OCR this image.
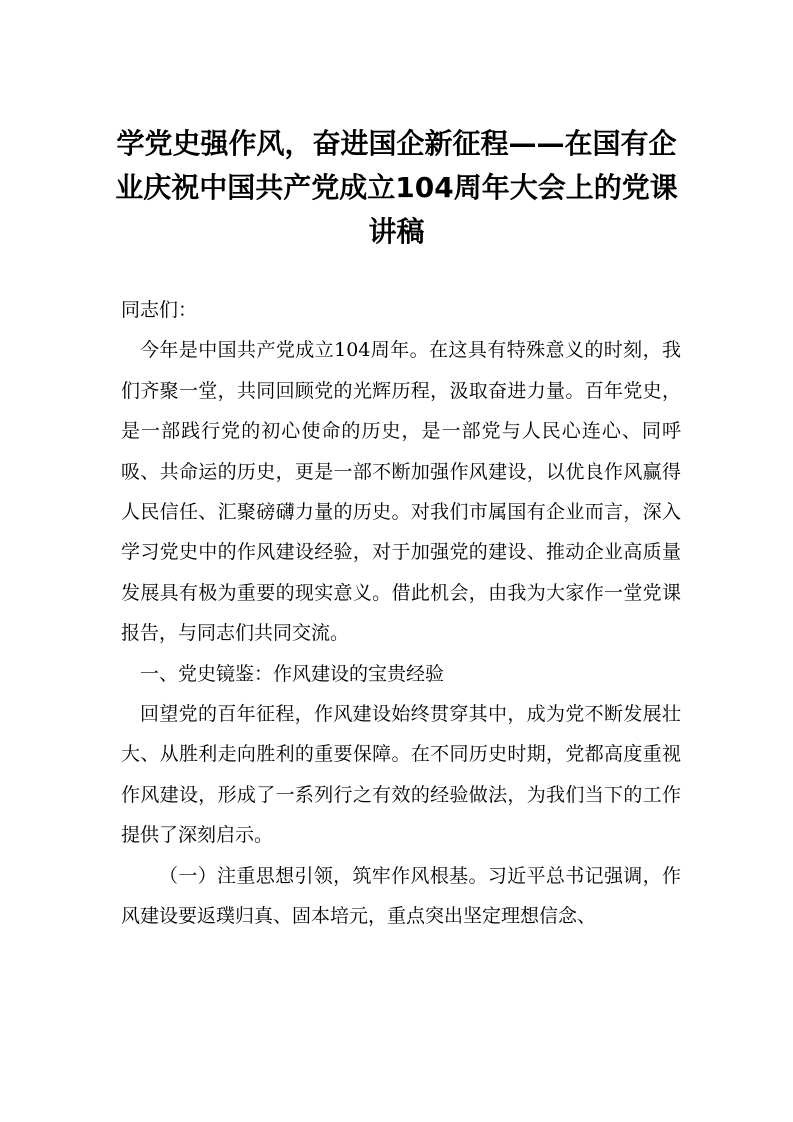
学党史强作风，奋进国企新征程——在国有企业庆祝中国共产党成立104周年大会上的党课讲稿

同志们：

今年是中国共产党成立104周年。在这具有特殊意义的时刻，我们齐聚一堂，共同回顾党的光辉历程，汲取奋进力量。百年党史，是一部践行党的初心使命的历史，是一部党与人民心连心、同呼吸、共命运的历史，更是一部不断加强作风建设，以优良作风赢得人民信任、汇聚磅礴力量的历史。对我们市属国有企业而言，深入学习党史中的作风建设经验，对于加强党的建设、推动企业高质量发展具有极为重要的现实意义。借此机会，由我为大家作一堂党课报告，与同志们共同交流。

一、党史镜鉴：作风建设的宝贵经验

回望党的百年征程，作风建设始终贯穿其中，成为党不断发展壮大、从胜利走向胜利的重要保障。在不同历史时期，党都高度重视作风建设，形成了一系列行之有效的经验做法，为我们当下的工作提供了深刻启示。

（一）注重思想引领，筑牢作风根基。习近平总书记强调，作风建设要返璞归真、固本培元，重点突出坚定理想信念、
